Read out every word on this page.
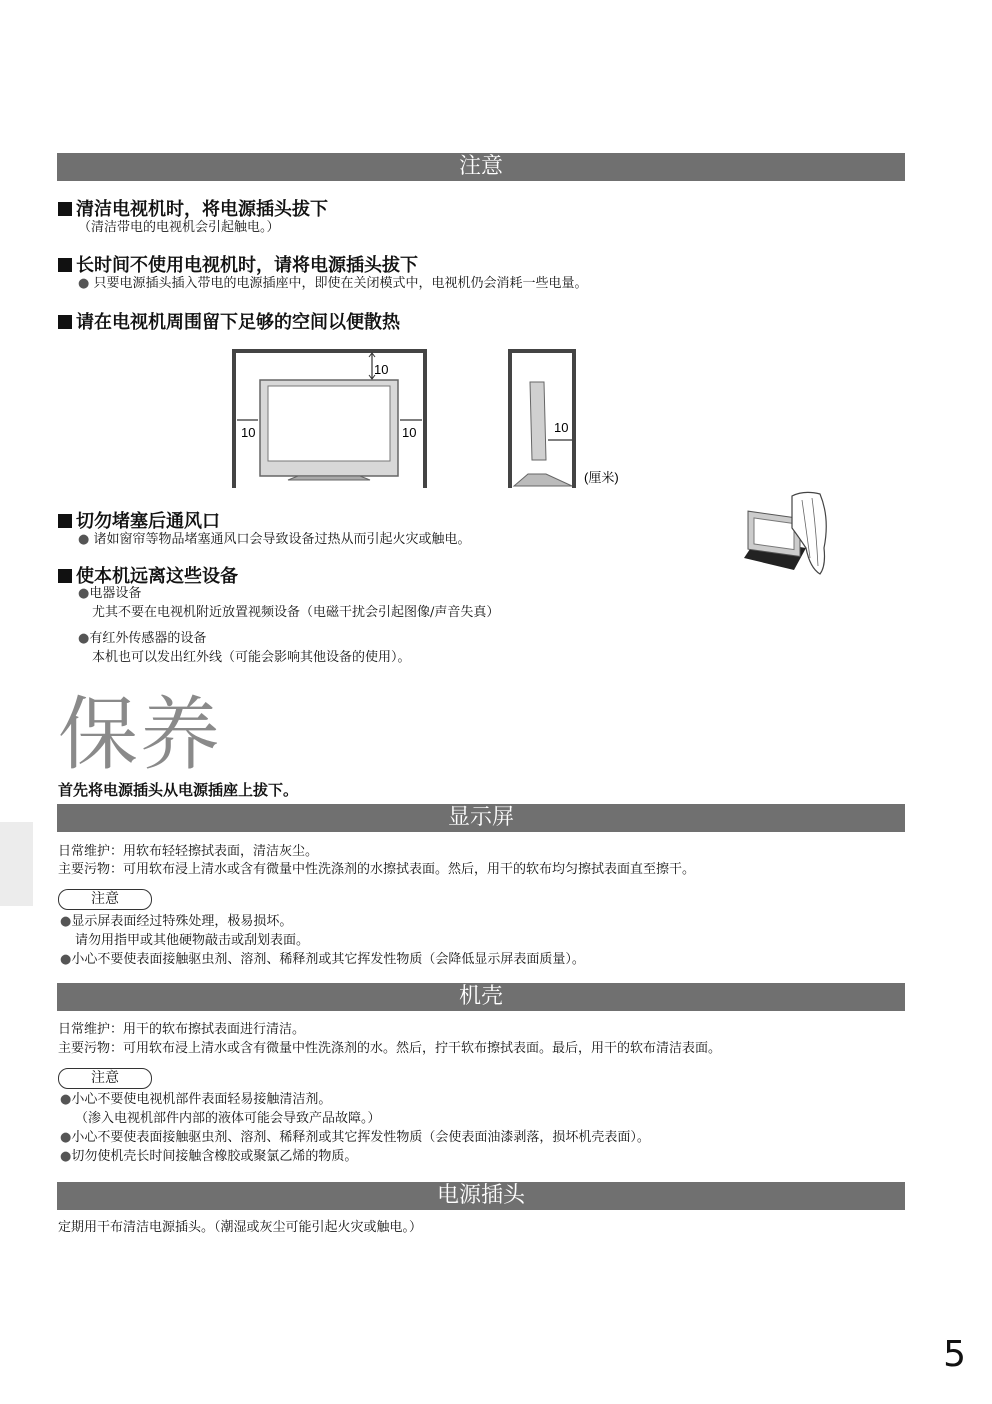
注意
清洁电视机时，将电源插头拔下
（清洁带电的电视机会引起触电。）
长时间不使用电视机时，请将电源插头拔下
● 只要电源插头插入带电的电源插座中，即使在关闭模式中，电视机仍会消耗一些电量。
请在电视机周围留下足够的空间以便散热
10
10	10	10
(厘米)
切勿堵塞后通风口
● 诸如窗帘等物品堵塞通风口会导致设备过热从而引起火灾或触电。
使本机远离这些设备
●电器设备
尤其不要在电视机附近放置视频设备（电磁干扰会引起图像/声音失真）
●有红外传感器的设备
本机也可以发出红外线（可能会影响其他设备的使用）。
保养
首先将电源插头从电源插座上拔下。
显示屏
日常维护：用软布轻轻擦拭表面，清洁灰尘。
主要污物：可用软布浸上清水或含有微量中性洗涤剂的水擦拭表面。然后，用干的软布均匀擦拭表面直至擦干。
注意
●显示屏表面经过特殊处理，极易损坏。
请勿用指甲或其他硬物敲击或刮划表面。
●小心不要使表面接触驱虫剂、溶剂、稀释剂或其它挥发性物质（会降低显示屏表面质量）。
机壳
日常维护：用干的软布擦拭表面进行清洁。
主要污物：可用软布浸上清水或含有微量中性洗涤剂的水。然后，拧干软布擦拭表面。最后，用干的软布清洁表面。
注意
●小心不要使电视机部件表面轻易接触清洁剂。
（渗入电视机部件内部的液体可能会导致产品故障。）
●小心不要使表面接触驱虫剂、溶剂、稀释剂或其它挥发性物质（会使表面油漆剥落，损坏机壳表面）。
●切勿使机壳长时间接触含橡胶或聚氯乙烯的物质。
电源插头
定期用干布清洁电源插头。（潮湿或灰尘可能引起火灾或触电。）
5
